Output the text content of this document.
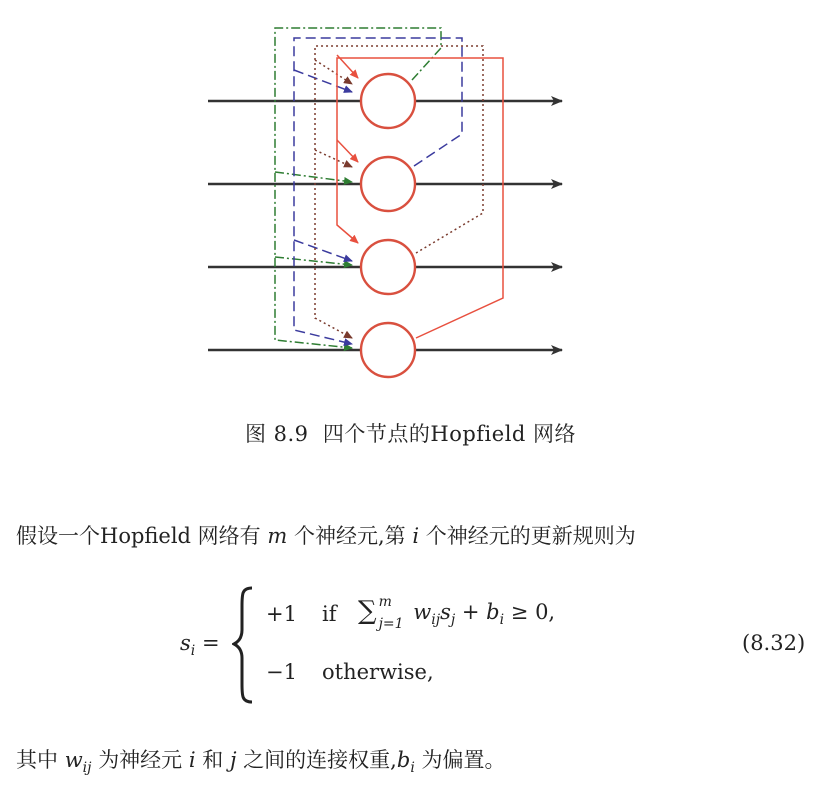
图 8.9 四个节点的Hopfield 网络
假设一个Hopfield 网络有 m 个神经元,第 i 个神经元的更新规则为
$s_i$ =
+1 if ∑ m
j=1 $w_{ij}s_j + b_i \ge 0$,
−1 otherwise,
(8.32)
其中 $w_{ij}$ 为神经元 i 和 j 之间的连接权重$,b_i$ 为偏置。
